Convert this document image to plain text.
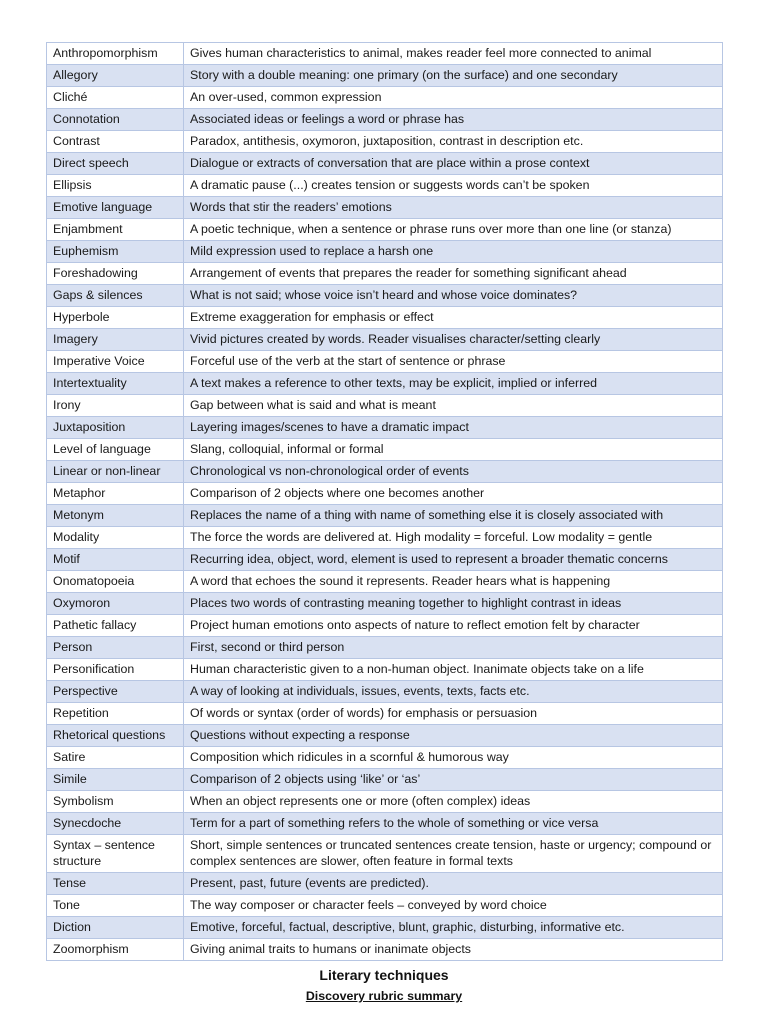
Anthropomorphism	Gives human characteristics to animal, makes reader feel more connected to animal
Allegory	Story with a double meaning: one primary (on the surface) and one secondary
Cliché	An over-used, common expression
Connotation	Associated ideas or feelings a word or phrase has
Contrast	Paradox, antithesis, oxymoron, juxtaposition, contrast in description etc.
Direct speech	Dialogue or extracts of conversation that are place within a prose context
Ellipsis	A dramatic pause (...) creates tension or suggests words can’t be spoken
Emotive language	Words that stir the readers’ emotions
Enjambment	A poetic technique, when a sentence or phrase runs over more than one line (or stanza)
Euphemism	Mild expression used to replace a harsh one
Foreshadowing	Arrangement of events that prepares the reader for something significant ahead
Gaps & silences	What is not said; whose voice isn’t heard and whose voice dominates?
Hyperbole	Extreme exaggeration for emphasis or effect
Imagery	Vivid pictures created by words. Reader visualises character/setting clearly
Imperative Voice	Forceful use of the verb at the start of sentence or phrase
Intertextuality	A text makes a reference to other texts, may be explicit, implied or inferred
Irony	Gap between what is said and what is meant
Juxtaposition	Layering images/scenes to have a dramatic impact
Level of language	Slang, colloquial, informal or formal
Linear or non-linear	Chronological vs non-chronological order of events
Metaphor	Comparison of 2 objects where one becomes another
Metonym	Replaces the name of a thing with name of something else it is closely associated with
Modality	The force the words are delivered at. High modality = forceful. Low modality = gentle
Motif	Recurring idea, object, word, element is used to represent a broader thematic concerns
Onomatopoeia	A word that echoes the sound it represents. Reader hears what is happening
Oxymoron	Places two words of contrasting meaning together to highlight contrast in ideas
Pathetic fallacy	Project human emotions onto aspects of nature to reflect emotion felt by character
Person	First, second or third person
Personification	Human characteristic given to a non-human object. Inanimate objects take on a life
Perspective	A way of looking at individuals, issues, events, texts, facts etc.
Repetition	Of words or syntax (order of words) for emphasis or persuasion
Rhetorical questions	Questions without expecting a response
Satire	Composition which ridicules in a scornful & humorous way
Simile	Comparison of 2 objects using ‘like’ or ‘as’
Symbolism	When an object represents one or more (often complex) ideas
Synecdoche	Term for a part of something refers to the whole of something or vice versa
Syntax – sentence structure	Short, simple sentences or truncated sentences create tension, haste or urgency; compound or complex sentences are slower, often feature in formal texts
Tense	Present, past, future (events are predicted).
Tone	The way composer or character feels – conveyed by word choice
Diction	Emotive, forceful, factual, descriptive, blunt, graphic, disturbing, informative etc.
Zoomorphism	Giving animal traits to humans or inanimate objects
Literary techniques
Discovery rubric summary
